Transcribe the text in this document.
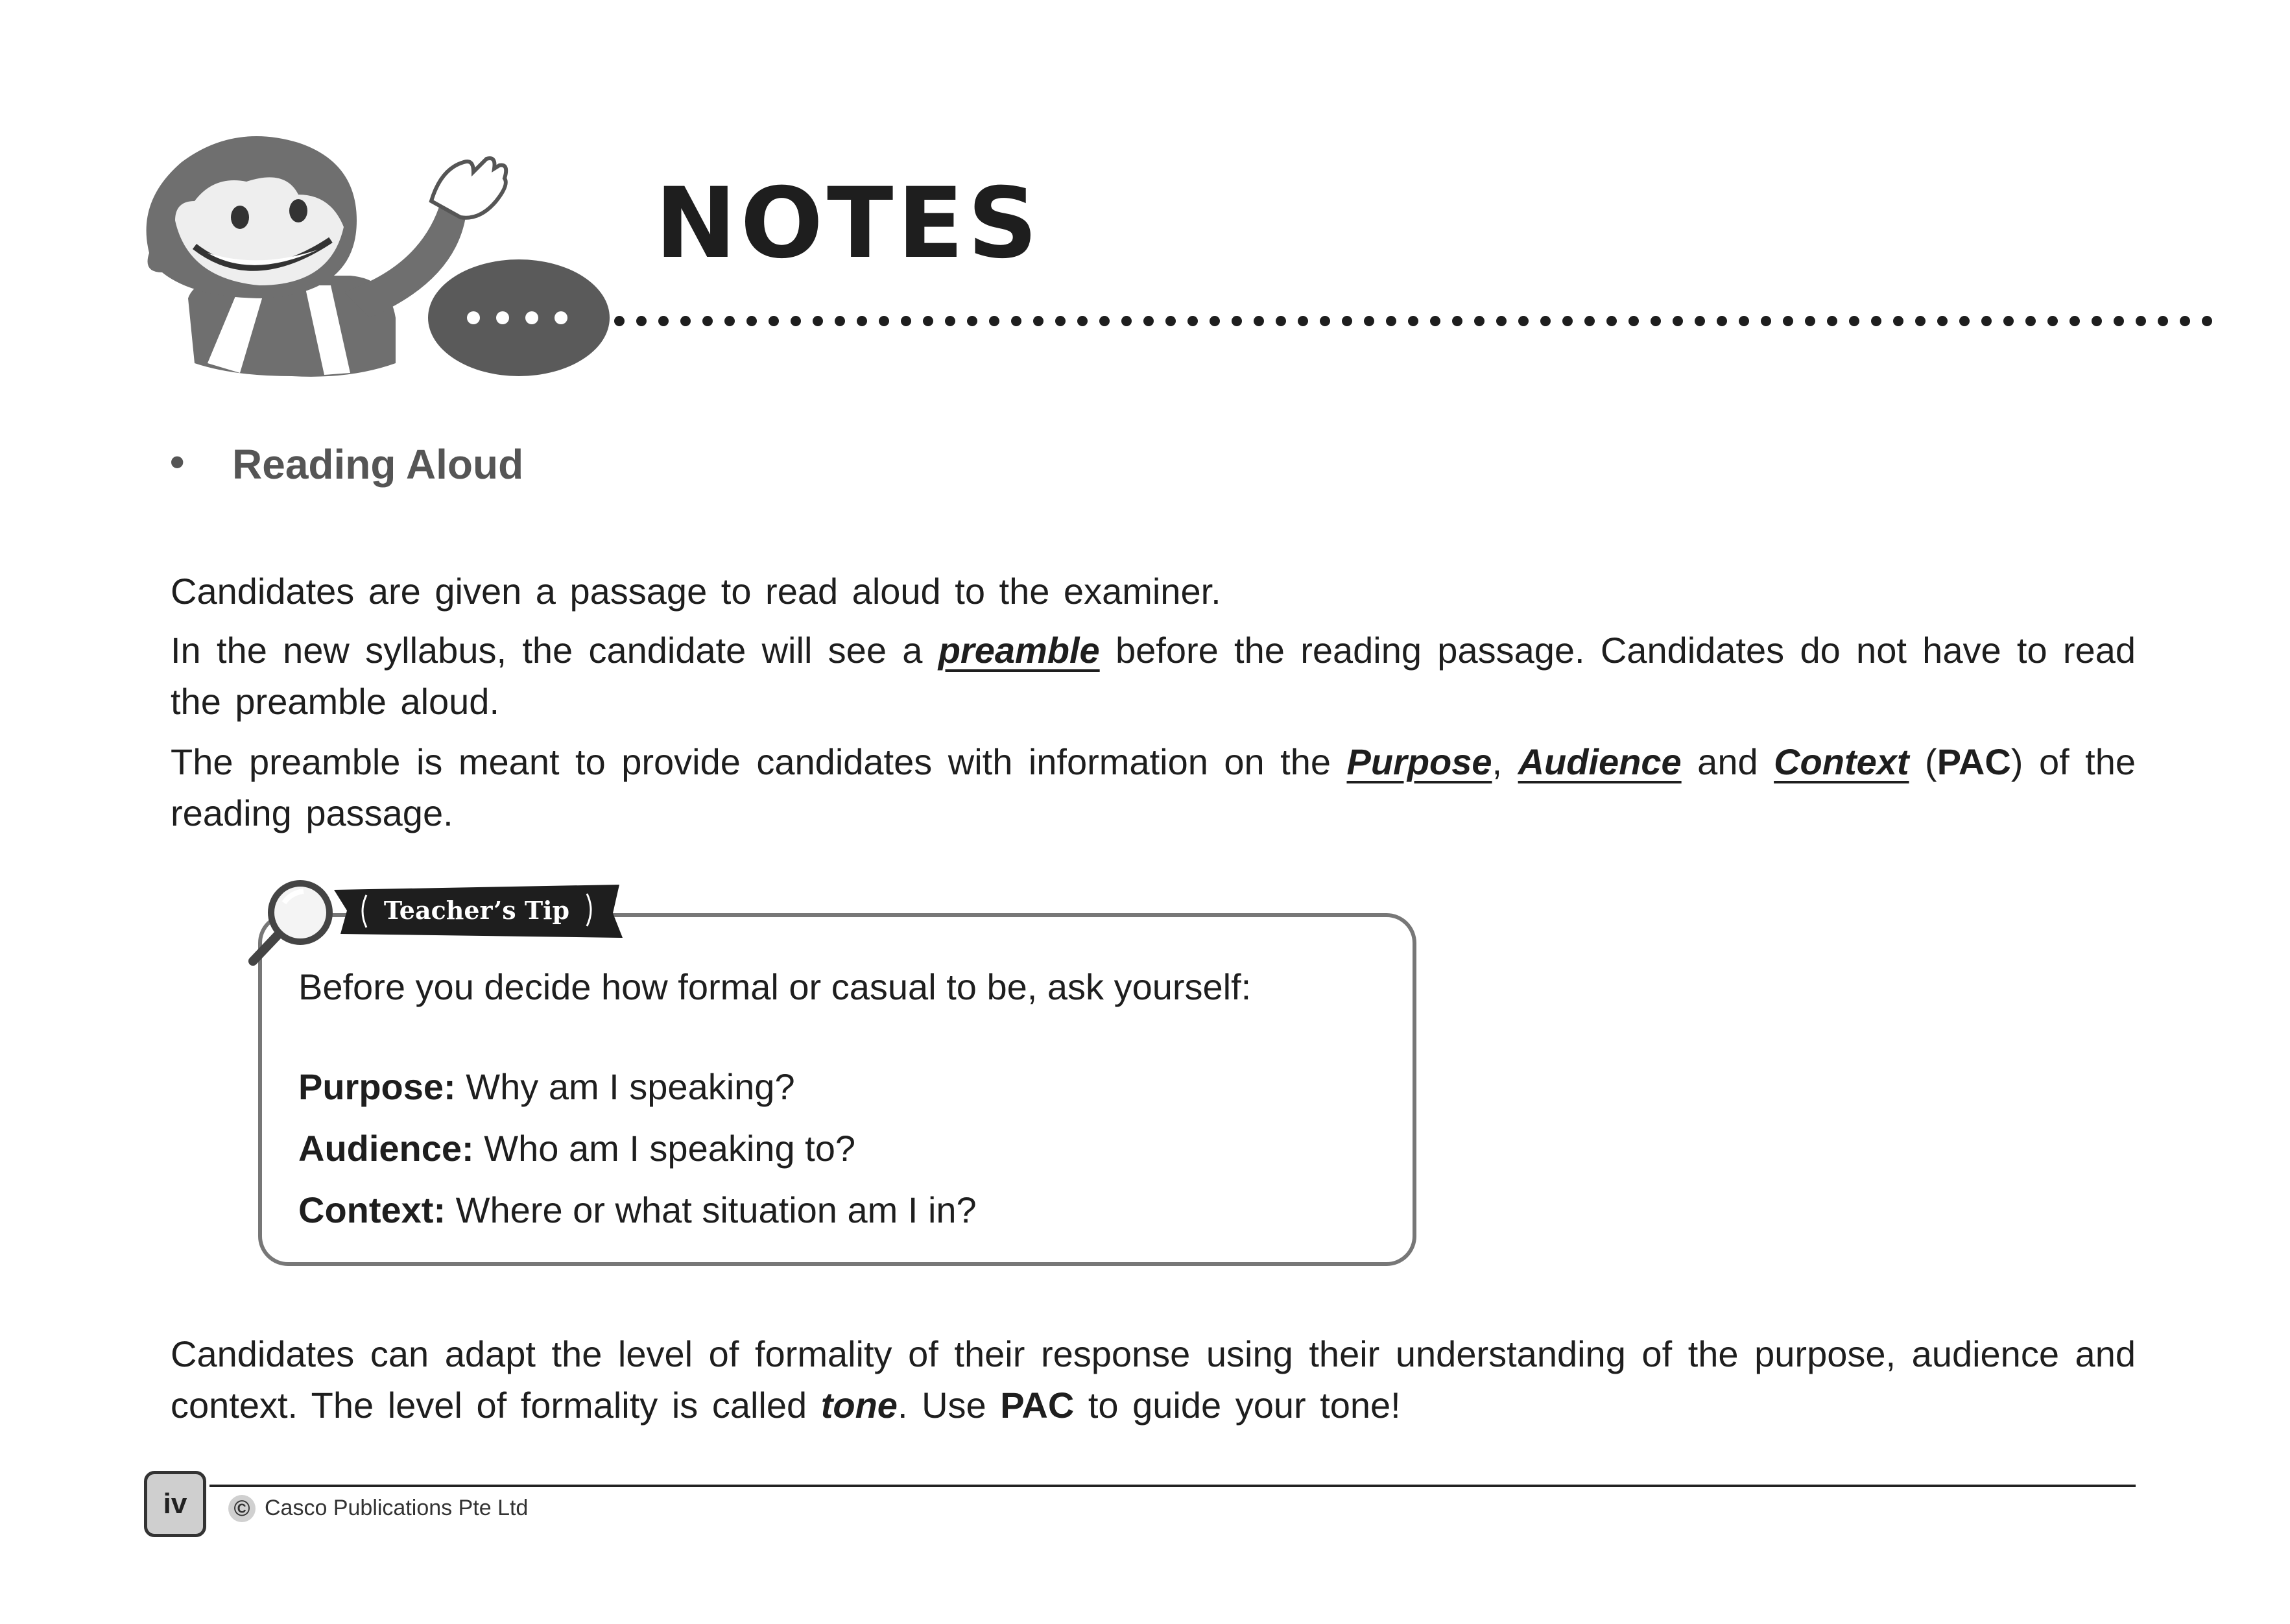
NOTES
• Reading Aloud
Candidates are given a passage to read aloud to the examiner.
In the new syllabus, the candidate will see a preamble before the reading passage. Candidates do not have to read the preamble aloud.
The preamble is meant to provide candidates with information on the Purpose, Audience and Context (PAC) of the reading passage.
Teacher’s Tip
Before you decide how formal or casual to be, ask yourself:
Purpose: Why am I speaking?
Audience: Who am I speaking to?
Context: Where or what situation am I in?
Candidates can adapt the level of formality of their response using their understanding of the purpose, audience and context. The level of formality is called tone. Use PAC to guide your tone!
iv	© Casco Publications Pte Ltd
